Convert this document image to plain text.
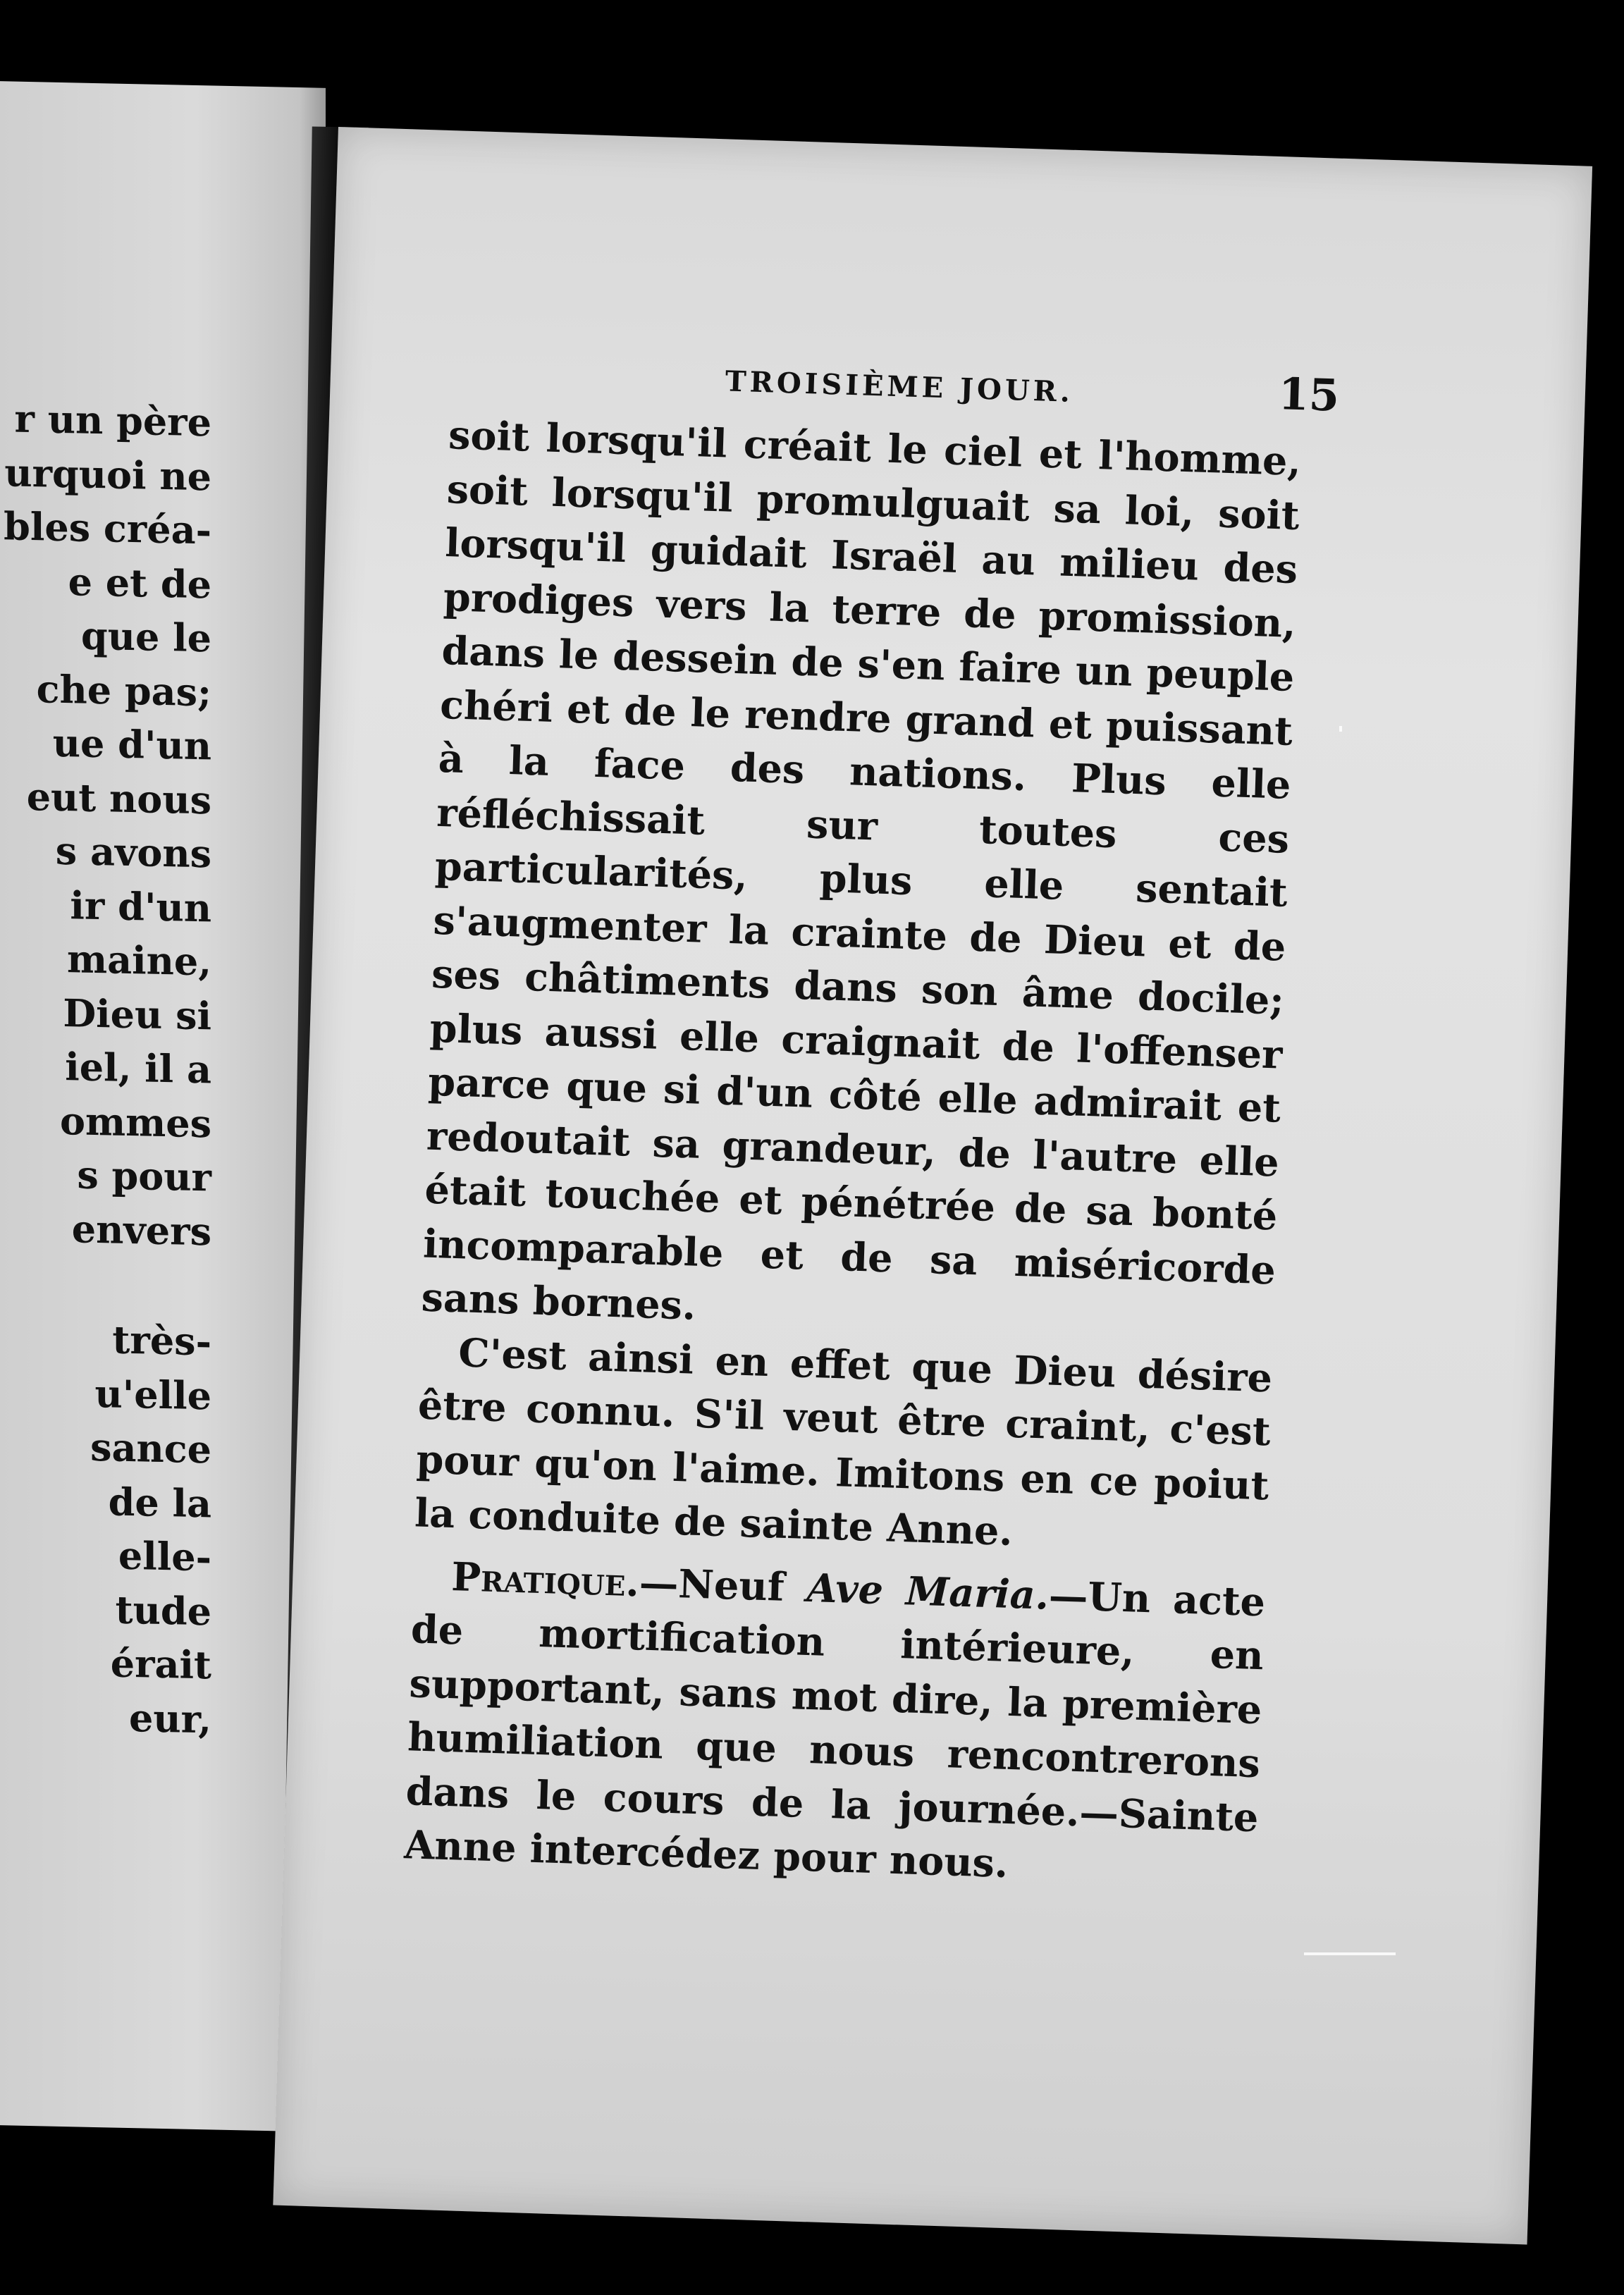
r un père
urquoi ne
bles créa-
e et de
que le
che pas;
ue d'un
eut nous
s avons
ir d'un
maine,
Dieu si
iel, il a
ommes
s pour
envers
très-
u'elle
sance
de la
elle-
tude
érait
eur,
TROISIÈME JOUR.	15

soit lorsqu'il créait le ciel et l'homme, soit lorsqu'il promulguait sa loi, soit lorsqu'il guidait Israël au milieu des prodiges vers la terre de promission, dans le dessein de s'en faire un peuple chéri et de le rendre grand et puissant à la face des nations. Plus elle réfléchissait sur toutes ces particularités, plus elle sentait s'augmenter la crainte de Dieu et de ses châtiments dans son âme docile; plus aussi elle craignait de l'offenser parce que si d'un côté elle admirait et redoutait sa grandeur, de l'autre elle était touchée et pénétrée de sa bonté incomparable et de sa miséricorde sans bornes.

C'est ainsi en effet que Dieu désire être connu. S'il veut être craint, c'est pour qu'on l'aime. Imitons en ce poiut la conduite de sainte Anne.

Pratique.—Neuf Ave Maria.—Un acte de mortification intérieure, en supportant, sans mot dire, la première humiliation que nous rencontrerons dans le cours de la journée.—Sainte Anne intercédez pour nous.
